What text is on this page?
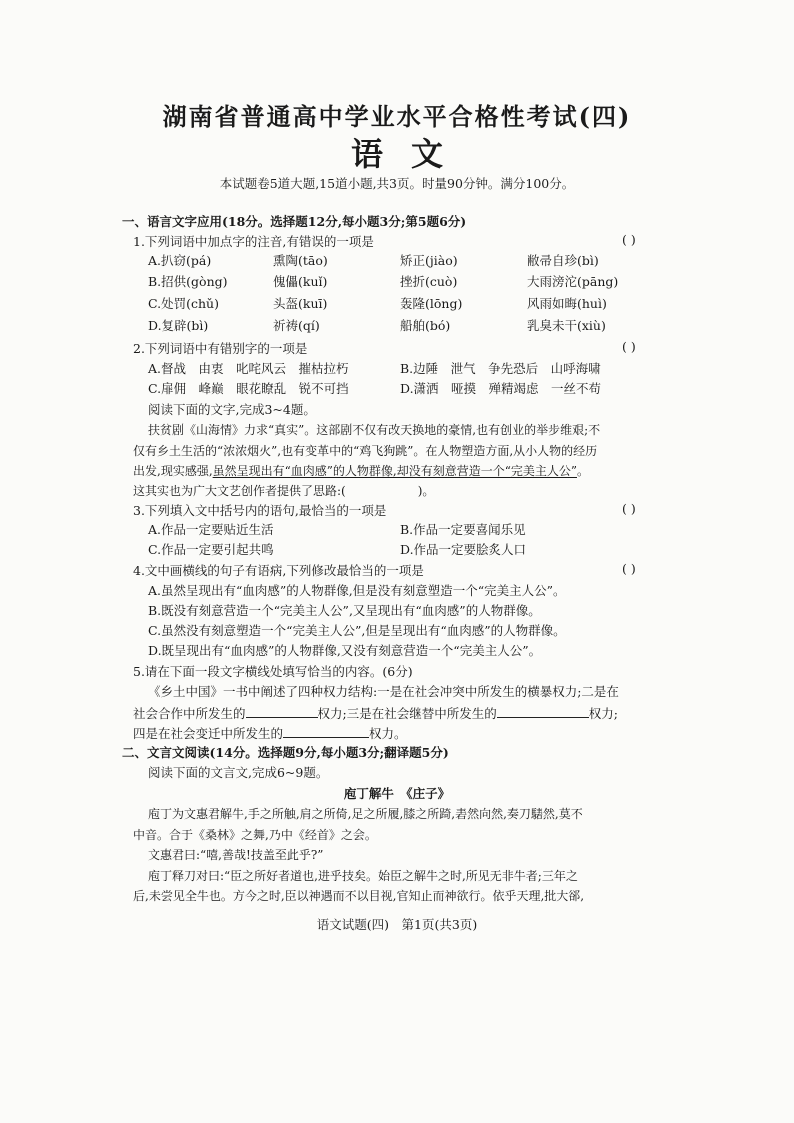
湖南省普通高中学业水平合格性考试(四)
语文
本试题卷5道大题,15道小题,共3页。时量90分钟。满分100分。
一、语言文字应用(18分。选择题12分,每小题3分;第5题6分)
1.下列词语中加点字的注音,有错误的一项是	( )
A.扒窃(pá)	熏陶(tāo)	矫正(jiào)	敝帚自珍(bì)
B.招供(gòng)	傀儡(kuǐ)	挫折(cuò)	大雨滂沱(pāng)
C.处罚(chǔ)	头盔(kuī)	轰隆(lōng)	风雨如晦(huì)
D.复辟(bì)	祈祷(qí)	船舶(bó)	乳臭未干(xiù)
2.下列词语中有错别字的一项是	( )
A.督战　由衷　叱咤风云　摧枯拉朽	B.边陲　泄气　争先恐后　山呼海啸
C.扉佣　峰巅　眼花瞭乱　锐不可挡	D.潇洒　哑摸　殚精竭虑　一丝不苟
阅读下面的文字,完成3~4题。
扶贫剧《山海情》力求“真实”。这部剧不仅有改天换地的豪情,也有创业的举步维艰;不
仅有乡土生活的“浓浓烟火”,也有变革中的“鸡飞狗跳”。在人物塑造方面,从小人物的经历
出发,现实感强,虽然呈现出有“血肉感”的人物群像,却没有刻意营造一个“完美主人公”。
这其实也为广大文艺创作者提供了思路:(　　　　　　)。
3.下列填入文中括号内的语句,最恰当的一项是	( )
A.作品一定要贴近生活	B.作品一定要喜闻乐见
C.作品一定要引起共鸣	D.作品一定要脍炙人口
4.文中画横线的句子有语病,下列修改最恰当的一项是	( )
A.虽然呈现出有“血肉感”的人物群像,但是没有刻意塑造一个“完美主人公”。
B.既没有刻意营造一个“完美主人公”,又呈现出有“血肉感”的人物群像。
C.虽然没有刻意塑造一个“完美主人公”,但是呈现出有“血肉感”的人物群像。
D.既呈现出有“血肉感”的人物群像,又没有刻意营造一个“完美主人公”。
5.请在下面一段文字横线处填写恰当的内容。(6分)
《乡土中国》一书中阐述了四种权力结构:一是在社会冲突中所发生的横暴权力;二是在
社会合作中所发生的	权力;三是在社会继替中所发生的	权力;
四是在社会变迁中所发生的	权力。
二、文言文阅读(14分。选择题9分,每小题3分;翻译题5分)
阅读下面的文言文,完成6~9题。
庖丁解牛　《庄子》
庖丁为文惠君解牛,手之所触,肩之所倚,足之所履,膝之所踦,砉然向然,奏刀騞然,莫不
中音。合于《桑林》之舞,乃中《经首》之会。
文惠君曰:“嘻,善哉!技盖至此乎?”
庖丁释刀对曰:“臣之所好者道也,进乎技矣。始臣之解牛之时,所见无非牛者;三年之
后,未尝见全牛也。方今之时,臣以神遇而不以目视,官知止而神欲行。依乎天理,批大郤,
语文试题(四)　第1页(共3页)
